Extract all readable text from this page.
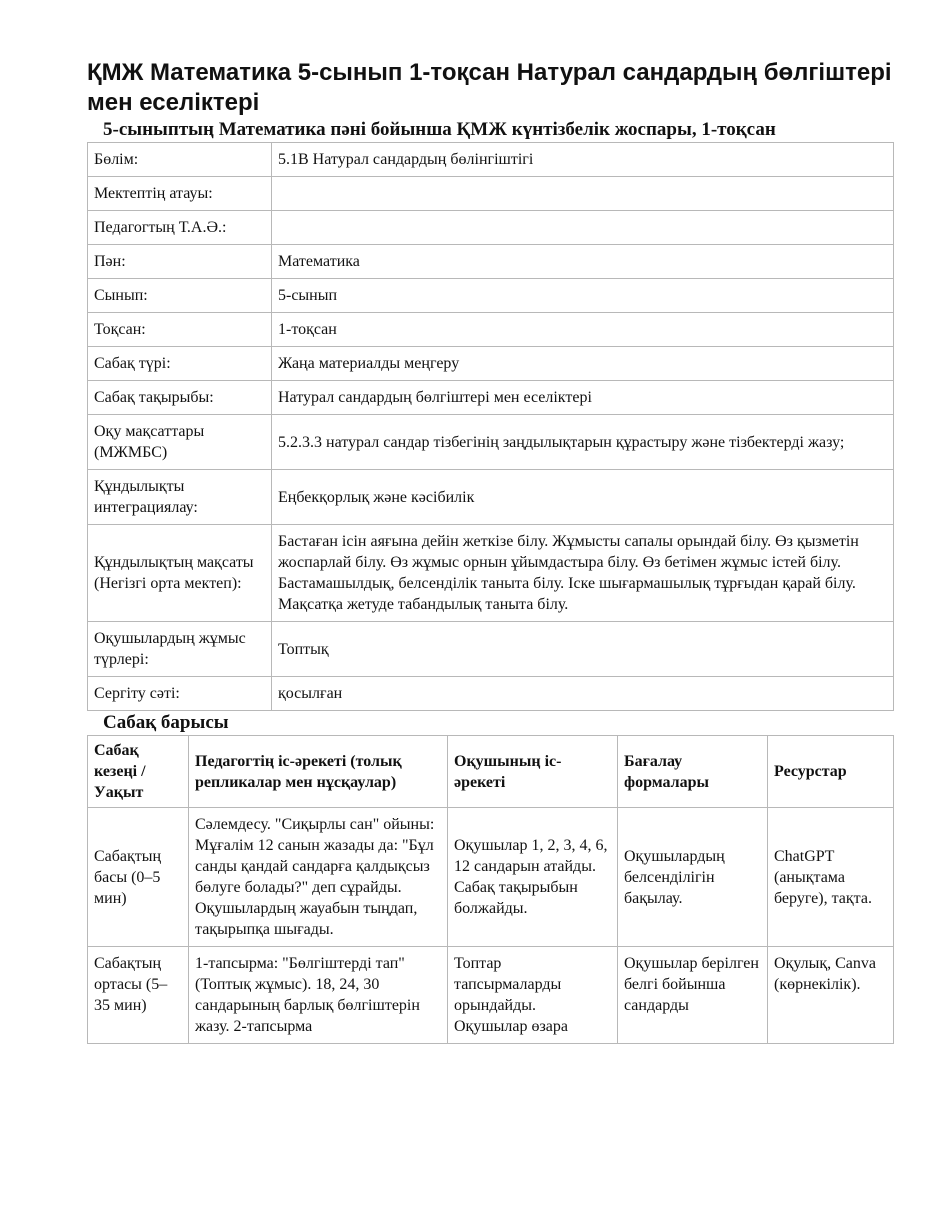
ҚМЖ Математика 5-сынып 1-тоқсан Натурал сандардың бөлгіштері мен еселіктері
5-сыныптың Математика пәні бойынша ҚМЖ күнтізбелік жоспары, 1-тоқсан
Бөлім:	5.1B Натурал сандардың бөлінгіштігі
Мектептің атауы:	
Педагогтың Т.А.Ә.:	
Пән:	Математика
Сынып:	5-сынып
Тоқсан:	1-тоқсан
Сабақ түрі:	Жаңа материалды меңгеру
Сабақ тақырыбы:	Натурал сандардың бөлгіштері мен еселіктері
Оқу мақсаттары (МЖМБС)	5.2.3.3 натурал сандар тізбегінің заңдылықтарын құрастыру және тізбектерді жазу;
Құндылықты интеграциялау:	Еңбекқорлық және кәсібилік
Құндылықтың мақсаты (Негізгі орта мектеп):	Бастаған ісін аяғына дейін жеткізе білу. Жұмысты сапалы орындай білу. Өз қызметін жоспарлай білу. Өз жұмыс орнын ұйымдастыра білу. Өз бетімен жұмыс істей білу. Бастамашылдық, белсенділік таныта білу. Іске шығармашылық тұрғыдан қарай білу. Мақсатқа жетуде табандылық таныта білу.
Оқушылардың жұмыс түрлері:	Топтық
Сергіту сәті:	қосылған
Сабақ барысы
Сабақ кезеңі / Уақыт	Педагогтің іс-әрекеті (толық репликалар мен нұсқаулар)	Оқушының іс-әрекеті	Бағалау формалары	Ресурстар
Сабақтың басы (0–5 мин)	Сәлемдесу. "Сиқырлы сан" ойыны: Мұғалім 12 санын жазады да: "Бұл санды қандай сандарға қалдықсыз бөлуге болады?" деп сұрайды. Оқушылардың жауабын тыңдап, тақырыпқа шығады.	Оқушылар 1, 2, 3, 4, 6, 12 сандарын атайды. Сабақ тақырыбын болжайды.	Оқушылардың белсенділігін бақылау.	ChatGPT (анықтама беруге), тақта.
Сабақтың ортасы (5–35 мин)	1-тапсырма: "Бөлгіштерді тап" (Топтық жұмыс). 18, 24, 30 сандарының барлық бөлгіштерін жазу. 2-тапсырма	Топтар тапсырмаларды орындайды. Оқушылар өзара	Оқушылар берілген белгі бойынша сандарды	Оқулық, Canva (көрнекілік).
